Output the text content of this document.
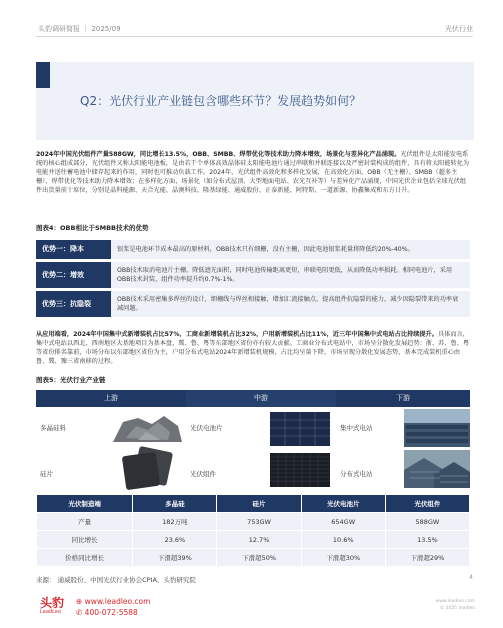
头豹调研简报 ｜ 2025/09	光伏行业
Q2：光伏行业产业链包含哪些环节？发展趋势如何？
2024年中国光伏组件产量588GW，同比增长13.5%，OBB、SMBB、焊带优化等技术助力降本增效，场景化与差异化产品涌现。光伏组件是太阳能发电系统的核心组成部分，光伏组件又称太阳能电池板，是由若干个单体高效晶体硅太阳能电池片通过串联和并联连接以及严密封装构成的组件，具有将太阳能转化为电能并送往蓄电池中储存起来的作用，同时也可推动负载工作。2024年，光伏组件高效化和多样化发展，在高效化方面，OBB（无主栅）、SMBB（超多主栅）、焊带优化等技术助力降本增效；在多样化方面，场景化（如分布式屋顶、大型地面电站、农光互补等）与差异化产品涌现，中国光伏企业包括全球光伏组件出货量前十席位，分别是晶科能源、天合光能、晶澳科技、隆基绿能、通威股份、正泰新能、阿特斯、一道新源、协鑫集成和东方日升。
图表4：OBB相比于SMBB技术的优势
优势一：降本	银浆是电池环节成本最高的原材料，OBB技术只有细栅，没有主栅，因此电池银浆耗量将降低约20%-40%。
优势二：增效	OBB技术取消电池片主栅，降低遮光面积，同时电池传输距离更短，串联电阻更低，从而降低功率损耗。相同电池片，采用OBB技术封装，组件功率提升约0.7%-1%。
优势三：抗隐裂	OBB技术采用密集多焊丝的设计，细栅线与焊丝相接触，增加汇流接触点，提高组件抗隐裂的能力，减少因隐裂带来的功率衰减问题。
从应用端看，2024年中国集中式新增装机占比57%，工商业新增装机占比32%，户用新增装机占比11%，近三年中国集中式电站占比持续提升。具体而言，集中式电站以西北、西南地区大基地项目为基本盘，冀、鲁、粤等东部地区省份亦有较大贡献。工商业分布式电站中，市场呈分散化发展趋势：浙、苏、鲁、粤等省份排名靠前，市场分布以东部地区省份为主，户用分布式电站2024年新增装机规模、占比均呈量下降，市场呈现分散化发展态势，基本完成装机重心由鲁、冀、豫三省南移的过程。
图表5：光伏行业产业链
上游	中游	下游
多晶硅料
硅片
光伏电池片
光伏组件
集中式电站
分布式电站
光伏制造端	多晶硅	硅片	光伏电池片	光伏组件
产量	182万吨	753GW	654GW	588GW
同比增长	23.6%	12.7%	10.6%	13.5%
价格同比增长	下滑超39%	下滑超50%	下滑超30%	下滑超29%
来源： 通威股份、中国光伏行业协会CPIA、头豹研究院	4
头豹
LeadLeo
⊕ www.leadleo.com
✆ 400-072-5588
www.leadleo.com
© 2025 leadleo
